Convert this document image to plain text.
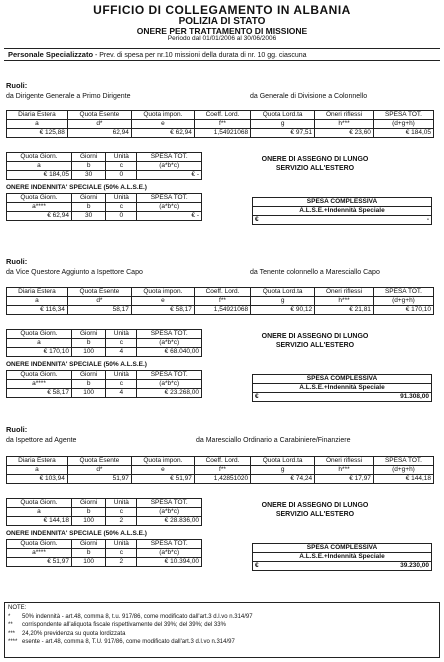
UFFICIO DI COLLEGAMENTO IN ALBANIA
POLIZIA DI STATO
ONERE PER TRATTAMENTO DI MISSIONE
Periodo dal 01/01/2006 al 30/06/2006
Personale Specializzato - Prev. di spesa per nr.10 missioni della durata di nr. 10 gg. ciascuna
Ruoli:
da Dirigente Generale a Primo Dirigente	da Generale di Divisione a Colonnello
Diaria Estera	Quota Esente	Quota impon.	Coeff. Lord.	Quota Lord.ta	Oneri riflessi	SPESA TOT.
a	d*	e	f**	g	h***	(d+g+h)
€ 125,88	62,94	€ 62,94	1,54921068	€ 97,51	€ 23,60	€ 184,05
Quota Giorn.	Giorni	Unità	SPESA TOT.
a	b	c	(a*b*c)
€ 184,05	30	0	€ -
ONERE DI ASSEGNO DI LUNGO
SERVIZIO ALL'ESTERO
ONERE INDENNITA' SPECIALE (50% A.L.S.E.)
Quota Giorn.	Giorni	Unità	SPESA TOT.
a****	b	c	(a*b*c)
€ 62,94	30	0	€ -
SPESA COMPLESSIVA
A.L.S.E.+Indennità Speciale

€	-
Ruoli:
da Vice Questore Aggiunto a Ispettore Capo	da Tenente colonnello a Maresciallo Capo
Diaria Estera	Quota Esente	Quota impon.	Coeff. Lord.	Quota Lord.ta	Oneri riflessi	SPESA TOT.
a	d*	e	f**	g	h***	(d+g+h)
€ 116,34	58,17	€ 58,17	1,54921068	€ 90,12	€ 21,81	€ 170,10
Quota Giorn.	Giorni	Unità	SPESA TOT.
a	b	c	(a*b*c)
€ 170,10	100	4	€ 68.040,00
ONERE DI ASSEGNO DI LUNGO
SERVIZIO ALL'ESTERO
ONERE INDENNITA' SPECIALE (50% A.L.S.E.)
Quota Giorn.	Giorni	Unità	SPESA TOT.
a****	b	c	(a*b*c)
€ 58,17	100	4	€ 23.268,00
SPESA COMPLESSIVA
A.L.S.E.+Indennità Speciale

€	91.308,00
Ruoli:
da Ispettore ad Agente	da Maresciallo Ordinario a Carabiniere/Finanziere
Diaria Estera	Quota Esente	Quota impon.	Coeff. Lord.	Quota Lord.ta	Oneri riflessi	SPESA TOT.
a	d*	e	f**	g	h***	(d+g+h)
€ 103,94	51,97	€ 51,97	1,42851020	€ 74,24	€ 17,97	€ 144,18
Quota Giorn.	Giorni	Unità	SPESA TOT.
a	b	c	(a*b*c)
€ 144,18	100	2	€ 28.836,00
ONERE DI ASSEGNO DI LUNGO
SERVIZIO ALL'ESTERO
ONERE INDENNITA' SPECIALE (50% A.L.S.E.)
Quota Giorn.	Giorni	Unità	SPESA TOT.
a****	b	c	(a*b*c)
€ 51,97	100	2	€ 10.394,00
SPESA COMPLESSIVA
A.L.S.E.+Indennità Speciale

€	39.230,00
NOTE:
*	50% indennità - art.48, comma 8, t.u. 917/86, come modificato dall'art.3 d.l.vo n.314/97
**	corrispondente all'aliquota fiscale rispettivamente del 39%; del 39%; del 33%
***	24,20% previdenza su quota lordizzata
**** esente - art.48, comma 8, T.U. 917/86, come modificato dall'art.3 d.l.vo n.314/97
